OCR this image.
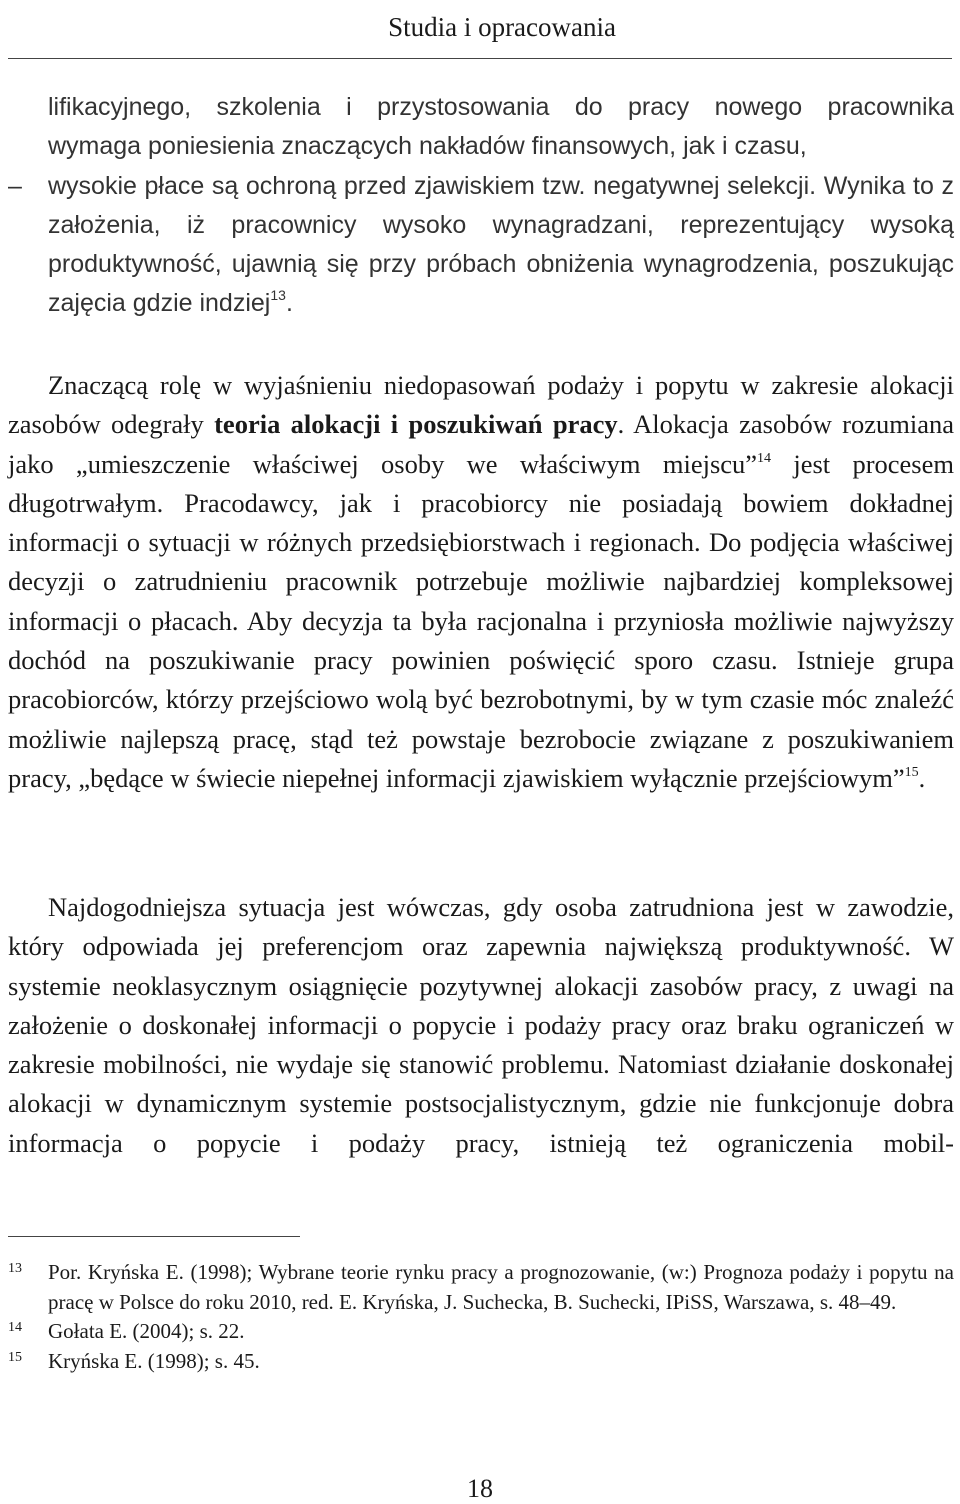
Studia i opracowania

lifikacyjnego, szkolenia i przystosowania do pracy nowego pracownika

wymaga poniesienia znaczących nakładów finansowych, jak i czasu,

– wysokie płace są ochroną przed zjawiskiem tzw. negatywnej selekcji. Wynika to z założenia, iż pracownicy wysoko wynagradzani, reprezentujący wysoką produktywność, ujawnią się przy próbach obniżenia wynagrodzenia, poszukując zajęcia gdzie indziej$^{13}$.

Znaczącą rolę w wyjaśnieniu niedopasowań podaży i popytu w zakresie alokacji zasobów odegrały teoria alokacji i poszukiwań pracy. Alokacja zasobów rozumiana jako „umieszczenie właściwej osoby we właściwym miejscu”$^{14}$ jest procesem długotrwałym. Pracodawcy, jak i pracobiorcy nie posiadają bowiem dokładnej informacji o sytuacji w różnych przedsiębiorstwach i regionach. Do podjęcia właściwej decyzji o zatrudnieniu pracownik potrzebuje możliwie najbardziej kompleksowej informacji o płacach. Aby decyzja ta była racjonalna i przyniosła możliwie najwyższy dochód na poszukiwanie pracy powinien poświęcić sporo czasu. Istnieje grupa pracobiorców, którzy przejściowo wolą być bezrobotnymi, by w tym czasie móc znaleźć możliwie najlepszą pracę, stąd też powstaje bezrobocie związane z poszukiwaniem pracy, „będące w świecie niepełnej informacji zjawiskiem wyłącznie przejściowym”$^{15}$.

Najdogodniejsza sytuacja jest wówczas, gdy osoba zatrudniona jest w zawodzie, który odpowiada jej preferencjom oraz zapewnia największą produktywność. W systemie neoklasycznym osiągnięcie pozytywnej alokacji zasobów pracy, z uwagi na założenie o doskonałej informacji o popycie i podaży pracy oraz braku ograniczeń w zakresie mobilności, nie wydaje się stanowić problemu. Natomiast działanie doskonałej alokacji w dynamicznym systemie postsocjalistycznym, gdzie nie funkcjonuje dobra informacja o popycie i podaży pracy, istnieją też ograniczenia mobil-

13 Por. Kryńska E. (1998); Wybrane teorie rynku pracy a prognozowanie, (w:) Prognoza podaży i popytu na pracę w Polsce do roku 2010, red. E. Kryńska, J. Suchecka, B. Suchecki, IPiSS, Warszawa, s. 48–49.
14 Gołata E. (2004); s. 22.
15 Kryńska E. (1998); s. 45.
18
